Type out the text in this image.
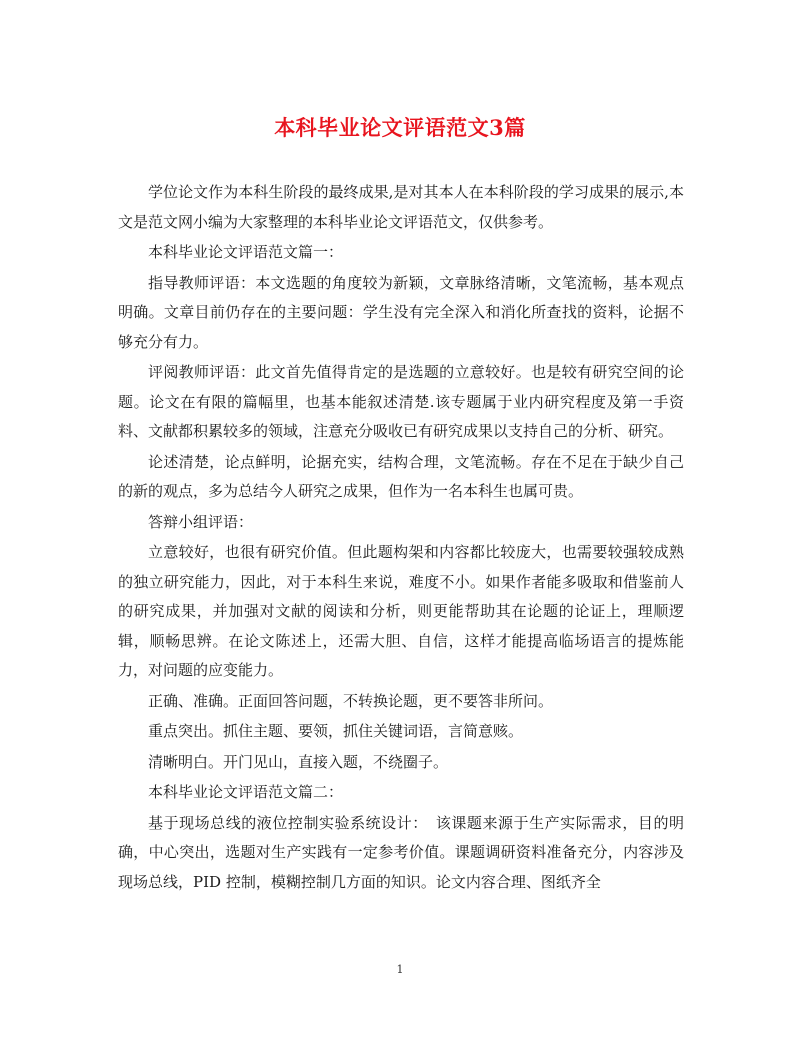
本科毕业论文评语范文3篇

学位论文作为本科生阶段的最终成果,是对其本人在本科阶段的学习成果的展示,本文是范文网小编为大家整理的本科毕业论文评语范文，仅供参考。

本科毕业论文评语范文篇一：

指导教师评语：本文选题的角度较为新颖，文章脉络清晰，文笔流畅，基本观点明确。文章目前仍存在的主要问题：学生没有完全深入和消化所查找的资料，论据不够充分有力。

评阅教师评语：此文首先值得肯定的是选题的立意较好。也是较有研究空间的论题。论文在有限的篇幅里，也基本能叙述清楚.该专题属于业内研究程度及第一手资料、文献都积累较多的领域，注意充分吸收已有研究成果以支持自己的分析、研究。

论述清楚，论点鲜明，论据充实，结构合理，文笔流畅。存在不足在于缺少自己的新的观点，多为总结今人研究之成果，但作为一名本科生也属可贵。

答辩小组评语：

立意较好，也很有研究价值。但此题构架和内容都比较庞大，也需要较强较成熟的独立研究能力，因此，对于本科生来说，难度不小。如果作者能多吸取和借鉴前人的研究成果，并加强对文献的阅读和分析，则更能帮助其在论题的论证上，理顺逻辑，顺畅思辨。在论文陈述上，还需大胆、自信，这样才能提高临场语言的提炼能力，对问题的应变能力。

正确、准确。正面回答问题，不转换论题，更不要答非所问。

重点突出。抓住主题、要领，抓住关键词语，言简意赅。

清晰明白。开门见山，直接入题，不绕圈子。

本科毕业论文评语范文篇二：

基于现场总线的液位控制实验系统设计：　该课题来源于生产实际需求，目的明确，中心突出，选题对生产实践有一定参考价值。课题调研资料准备充分，内容涉及现场总线，PID 控制，模糊控制几方面的知识。论文内容合理、图纸齐全

1
